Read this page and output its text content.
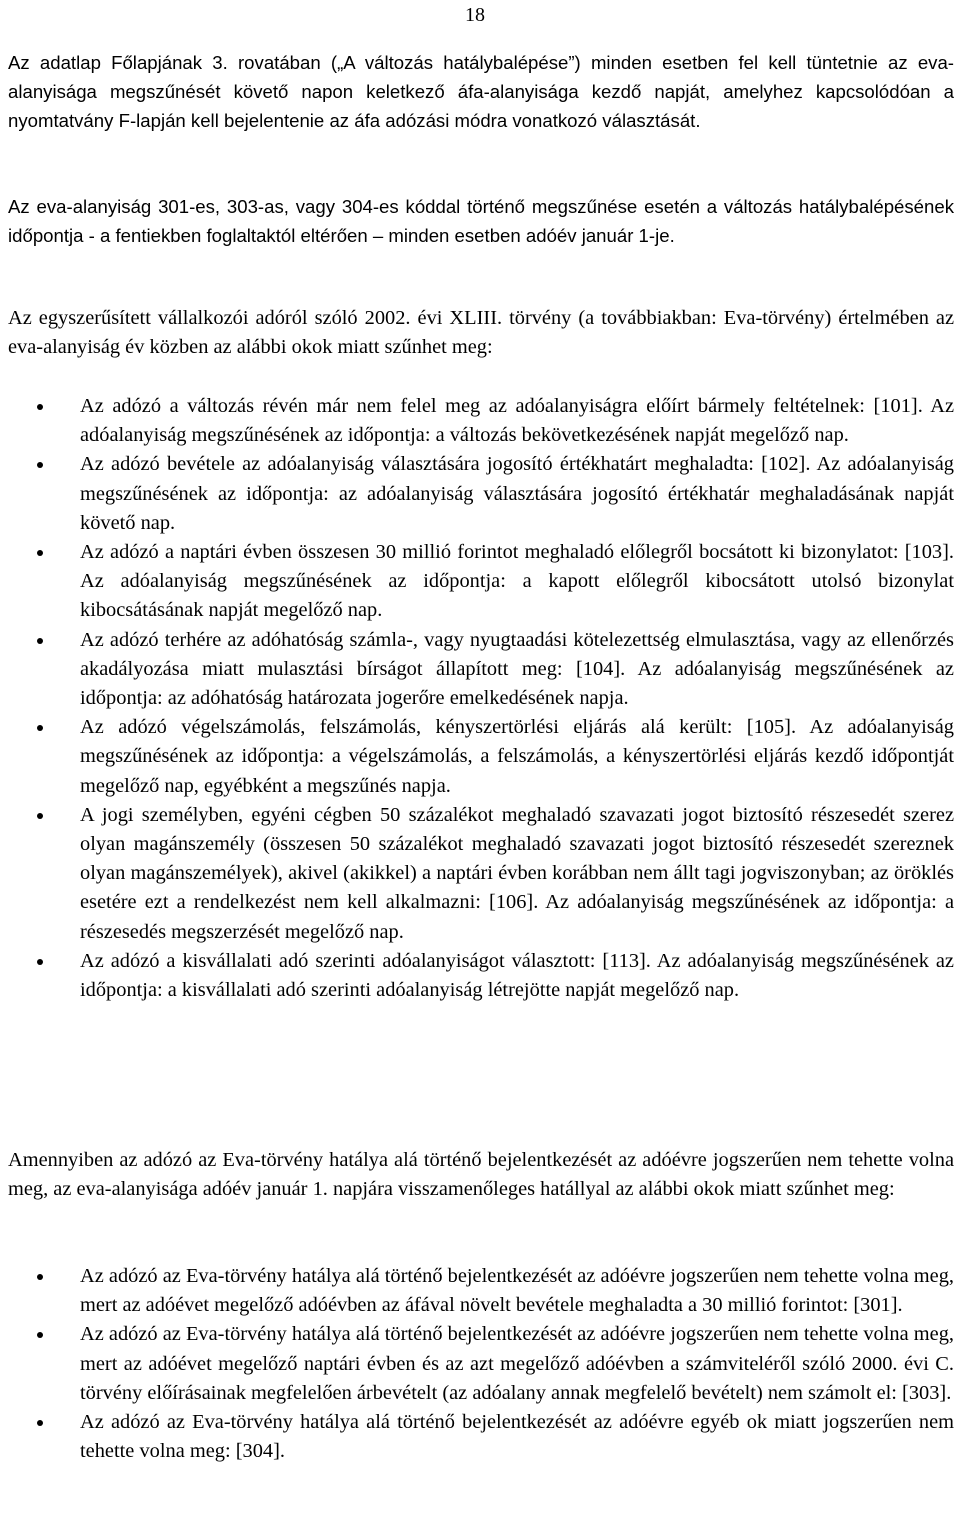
18

Az adatlap Főlapjának 3. rovatában („A változás hatálybalépése”) minden esetben fel kell tüntetnie az eva-alanyisága megszűnését követő napon keletkező áfa-alanyisága kezdő napját, amelyhez kapcsolódóan a nyomtatvány F-lapján kell bejelentenie az áfa adózási módra vonatkozó választását.

Az eva-alanyiság 301-es, 303-as, vagy 304-es kóddal történő megszűnése esetén a változás hatálybalépésének időpontja - a fentiekben foglaltaktól eltérően – minden esetben adóév január 1-je.

Az egyszerűsített vállalkozói adóról szóló 2002. évi XLIII. törvény (a továbbiakban: Eva-törvény) értelmében az eva-alanyiság év közben az alábbi okok miatt szűnhet meg:

Az adózó a változás révén már nem felel meg az adóalanyiságra előírt bármely feltételnek: [101]. Az adóalanyiság megszűnésének az időpontja: a változás bekövetkezésének napját megelőző nap.
Az adózó bevétele az adóalanyiság választására jogosító értékhatárt meghaladta: [102]. Az adóalanyiság megszűnésének az időpontja: az adóalanyiság választására jogosító értékhatár meghaladásának napját követő nap.
Az adózó a naptári évben összesen 30 millió forintot meghaladó előlegről bocsátott ki bizonylatot: [103]. Az adóalanyiság megszűnésének az időpontja: a kapott előlegről kibocsátott utolsó bizonylat kibocsátásának napját megelőző nap.
Az adózó terhére az adóhatóság számla-, vagy nyugtaadási kötelezettség elmulasztása, vagy az ellenőrzés akadályozása miatt mulasztási bírságot állapított meg: [104]. Az adóalanyiság megszűnésének az időpontja: az adóhatóság határozata jogerőre emelkedésének napja.
Az adózó végelszámolás, felszámolás, kényszertörlési eljárás alá került: [105]. Az adóalanyiság megszűnésének az időpontja: a végelszámolás, a felszámolás, a kényszertörlési eljárás kezdő időpontját megelőző nap, egyébként a megszűnés napja.
A jogi személyben, egyéni cégben 50 százalékot meghaladó szavazati jogot biztosító részesedét szerez olyan magánszemély (összesen 50 százalékot meghaladó szavazati jogot biztosító részesedét szereznek olyan magánszemélyek), akivel (akikkel) a naptári évben korábban nem állt tagi jogviszonyban; az öröklés esetére ezt a rendelkezést nem kell alkalmazni: [106]. Az adóalanyiság megszűnésének az időpontja: a részesedés megszerzését megelőző nap.
Az adózó a kisvállalati adó szerinti adóalanyiságot választott: [113]. Az adóalanyiság megszűnésének az időpontja: a kisvállalati adó szerinti adóalanyiság létrejötte napját megelőző nap.

Amennyiben az adózó az Eva-törvény hatálya alá történő bejelentkezését az adóévre jogszerűen nem tehette volna meg, az eva-alanyisága adóév január 1. napjára visszamenőleges hatállyal az alábbi okok miatt szűnhet meg:

Az adózó az Eva-törvény hatálya alá történő bejelentkezését az adóévre jogszerűen nem tehette volna meg, mert az adóévet megelőző adóévben az áfával növelt bevétele meghaladta a 30 millió forintot: [301].
Az adózó az Eva-törvény hatálya alá történő bejelentkezését az adóévre jogszerűen nem tehette volna meg, mert az adóévet megelőző naptári évben és az azt megelőző adóévben a számviteléről szóló 2000. évi C. törvény előírásainak megfelelően árbevételt (az adóalany annak megfelelő bevételt) nem számolt el: [303].
Az adózó az Eva-törvény hatálya alá történő bejelentkezését az adóévre egyéb ok miatt jogszerűen nem tehette volna meg: [304].
